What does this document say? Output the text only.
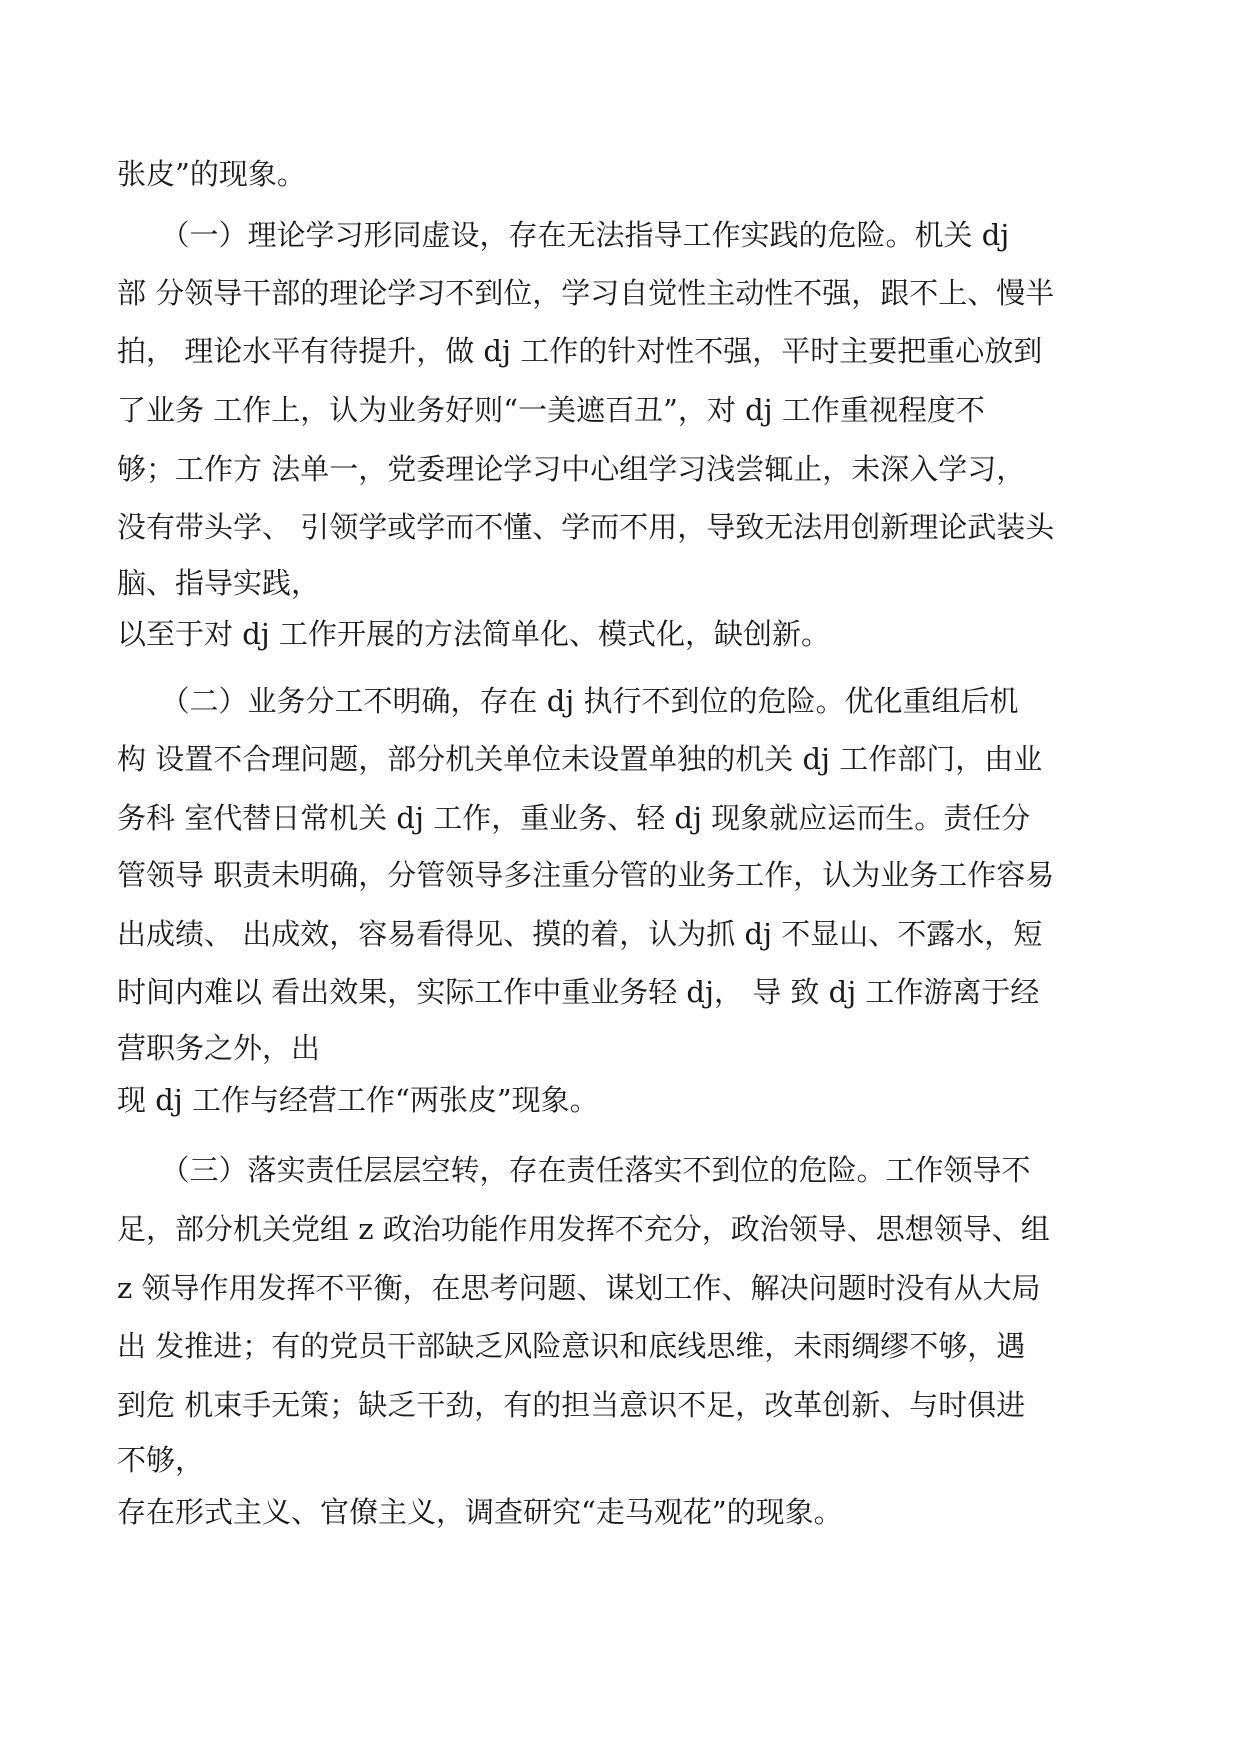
张皮”的现象。

　　（一）理论学习形同虚设，存在无法指导工作实践的危险。机关 dj

部 分领导干部的理论学习不到位，学习自觉性主动性不强，跟不上、慢半

拍， 理论水平有待提升，做 dj 工作的针对性不强，平时主要把重心放到

了业务 工作上，认为业务好则“一美遮百丑”，对 dj 工作重视程度不

够；工作方 法单一，党委理论学习中心组学习浅尝辄止，未深入学习，

没有带头学、 引领学或学而不懂、学而不用，导致无法用创新理论武装头

脑、指导实践，

以至于对 dj 工作开展的方法简单化、模式化，缺创新。

　　（二）业务分工不明确，存在 dj 执行不到位的危险。优化重组后机

构 设置不合理问题，部分机关单位未设置单独的机关 dj 工作部门，由业

务科 室代替日常机关 dj 工作，重业务、轻 dj 现象就应运而生。责任分

管领导 职责未明确，分管领导多注重分管的业务工作，认为业务工作容易

出成绩、 出成效，容易看得见、摸的着，认为抓 dj 不显山、不露水，短

时间内难以 看出效果，实际工作中重业务轻 dj， 导 致 dj 工作游离于经

营职务之外，出

现 dj 工作与经营工作“两张皮”现象。

　　（三）落实责任层层空转，存在责任落实不到位的危险。工作领导不

足，部分机关党组 z 政治功能作用发挥不充分，政治领导、思想领导、组

z 领导作用发挥不平衡，在思考问题、谋划工作、解决问题时没有从大局

出 发推进；有的党员干部缺乏风险意识和底线思维，未雨绸缪不够，遇

到危 机束手无策；缺乏干劲，有的担当意识不足，改革创新、与时俱进

不够，

存在形式主义、官僚主义，调查研究“走马观花”的现象。
